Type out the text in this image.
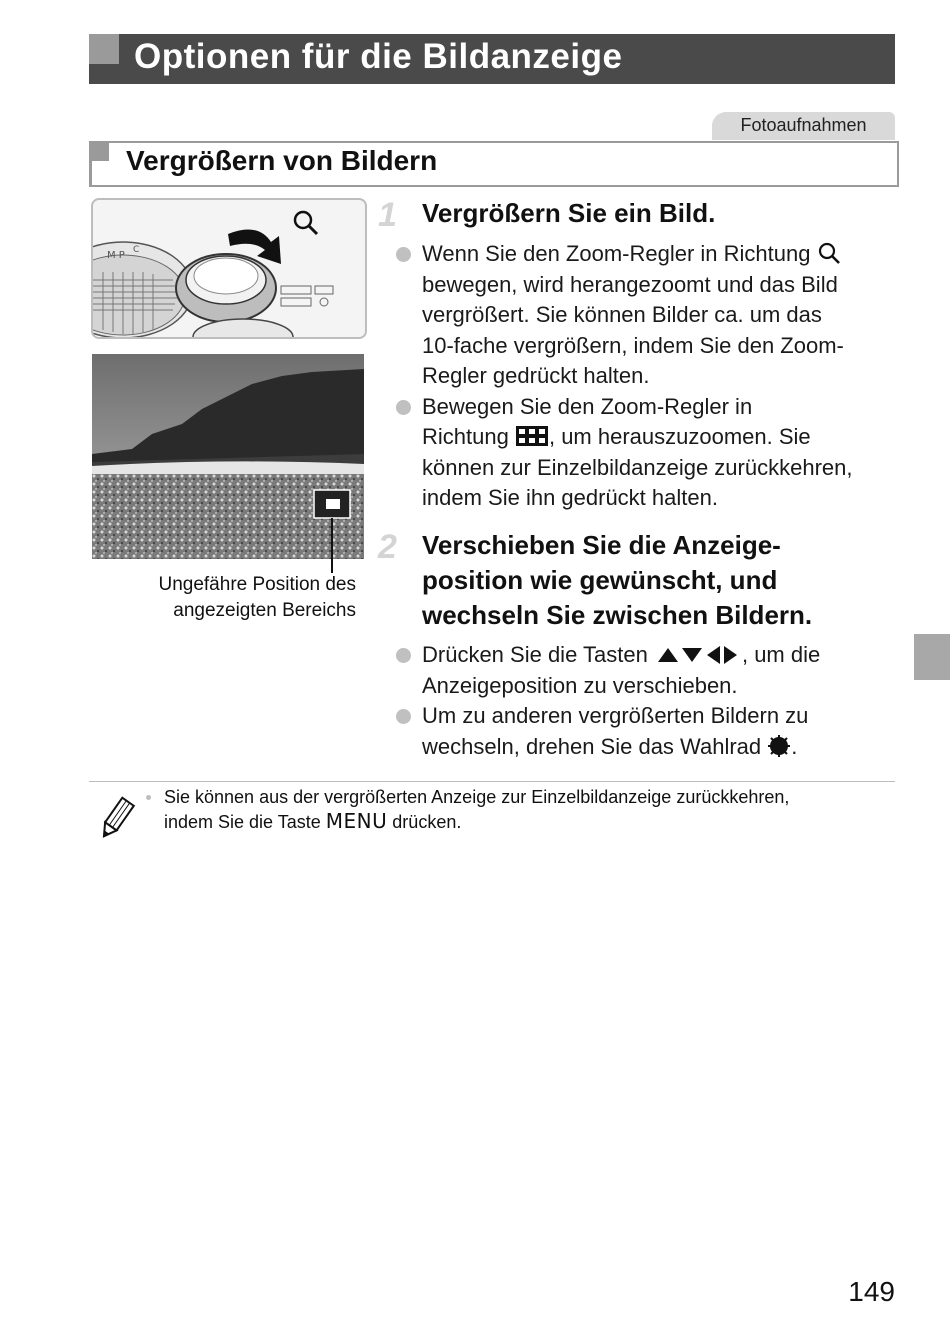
Optionen für die Bildanzeige
Fotoaufnahmen
Vergrößern von Bildern
M P C
Ungefähre Position des
angezeigten Bereichs
1 Vergrößern Sie ein Bild.
Wenn Sie den Zoom-Regler in Richtung
bewegen, wird herangezoomt und das Bild
vergrößert. Sie können Bilder ca. um das
10-fache vergrößern, indem Sie den Zoom-
Regler gedrückt halten.
Bewegen Sie den Zoom-Regler in
Richtung , um herauszuzoomen. Sie
können zur Einzelbildanzeige zurückkehren,
indem Sie ihn gedrückt halten.
2 Verschieben Sie die Anzeige-
position wie gewünscht, und
wechseln Sie zwischen Bildern.
Drücken Sie die Tasten	, um die
Anzeigeposition zu verschieben.
Um zu anderen vergrößerten Bildern zu
wechseln, drehen Sie das Wahlrad .
Sie können aus der vergrößerten Anzeige zur Einzelbildanzeige zurückkehren,
indem Sie die Taste MENU drücken.
149
